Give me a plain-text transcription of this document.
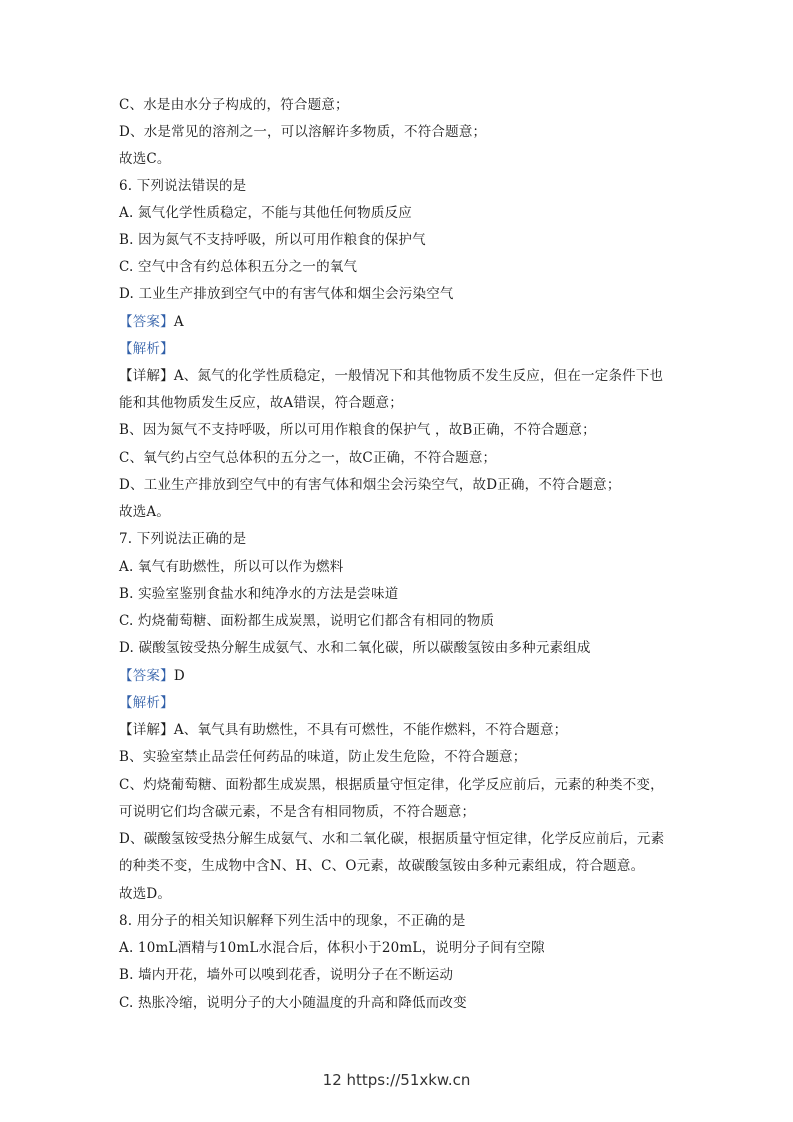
C、水是由水分子构成的，符合题意；
D、水是常见的溶剂之一，可以溶解许多物质，不符合题意；
故选C。
6. 下列说法错误的是
A. 氮气化学性质稳定，不能与其他任何物质反应
B. 因为氮气不支持呼吸，所以可用作粮食的保护气
C. 空气中含有约总体积五分之一的氧气
D. 工业生产排放到空气中的有害气体和烟尘会污染空气
【答案】A
【解析】
【详解】A、氮气的化学性质稳定，一般情况下和其他物质不发生反应，但在一定条件下也
能和其他物质发生反应，故A错误，符合题意；
B、因为氮气不支持呼吸，所以可用作粮食的保护气 ，故B正确，不符合题意；
C、氧气约占空气总体积的五分之一，故C正确，不符合题意；
D、工业生产排放到空气中的有害气体和烟尘会污染空气，故D正确，不符合题意；
故选A。
7. 下列说法正确的是
A. 氧气有助燃性，所以可以作为燃料
B. 实验室鉴别食盐水和纯净水的方法是尝味道
C. 灼烧葡萄糖、面粉都生成炭黑，说明它们都含有相同的物质
D. 碳酸氢铵受热分解生成氨气、水和二氧化碳，所以碳酸氢铵由多种元素组成
【答案】D
【解析】
【详解】A、氧气具有助燃性，不具有可燃性，不能作燃料，不符合题意；
B、实验室禁止品尝任何药品的味道，防止发生危险，不符合题意；
C、灼烧葡萄糖、面粉都生成炭黑，根据质量守恒定律，化学反应前后，元素的种类不变，
可说明它们均含碳元素，不是含有相同物质，不符合题意；
D、碳酸氢铵受热分解生成氨气、水和二氧化碳，根据质量守恒定律，化学反应前后，元素
的种类不变，生成物中含N、H、C、O元素，故碳酸氢铵由多种元素组成，符合题意。
故选D。
8. 用分子的相关知识解释下列生活中的现象，不正确的是
A. 10mL酒精与10mL水混合后，体积小于20mL，说明分子间有空隙
B. 墙内开花，墙外可以嗅到花香，说明分子在不断运动
C. 热胀冷缩，说明分子的大小随温度的升高和降低而改变
12 https://51xkw.cn
